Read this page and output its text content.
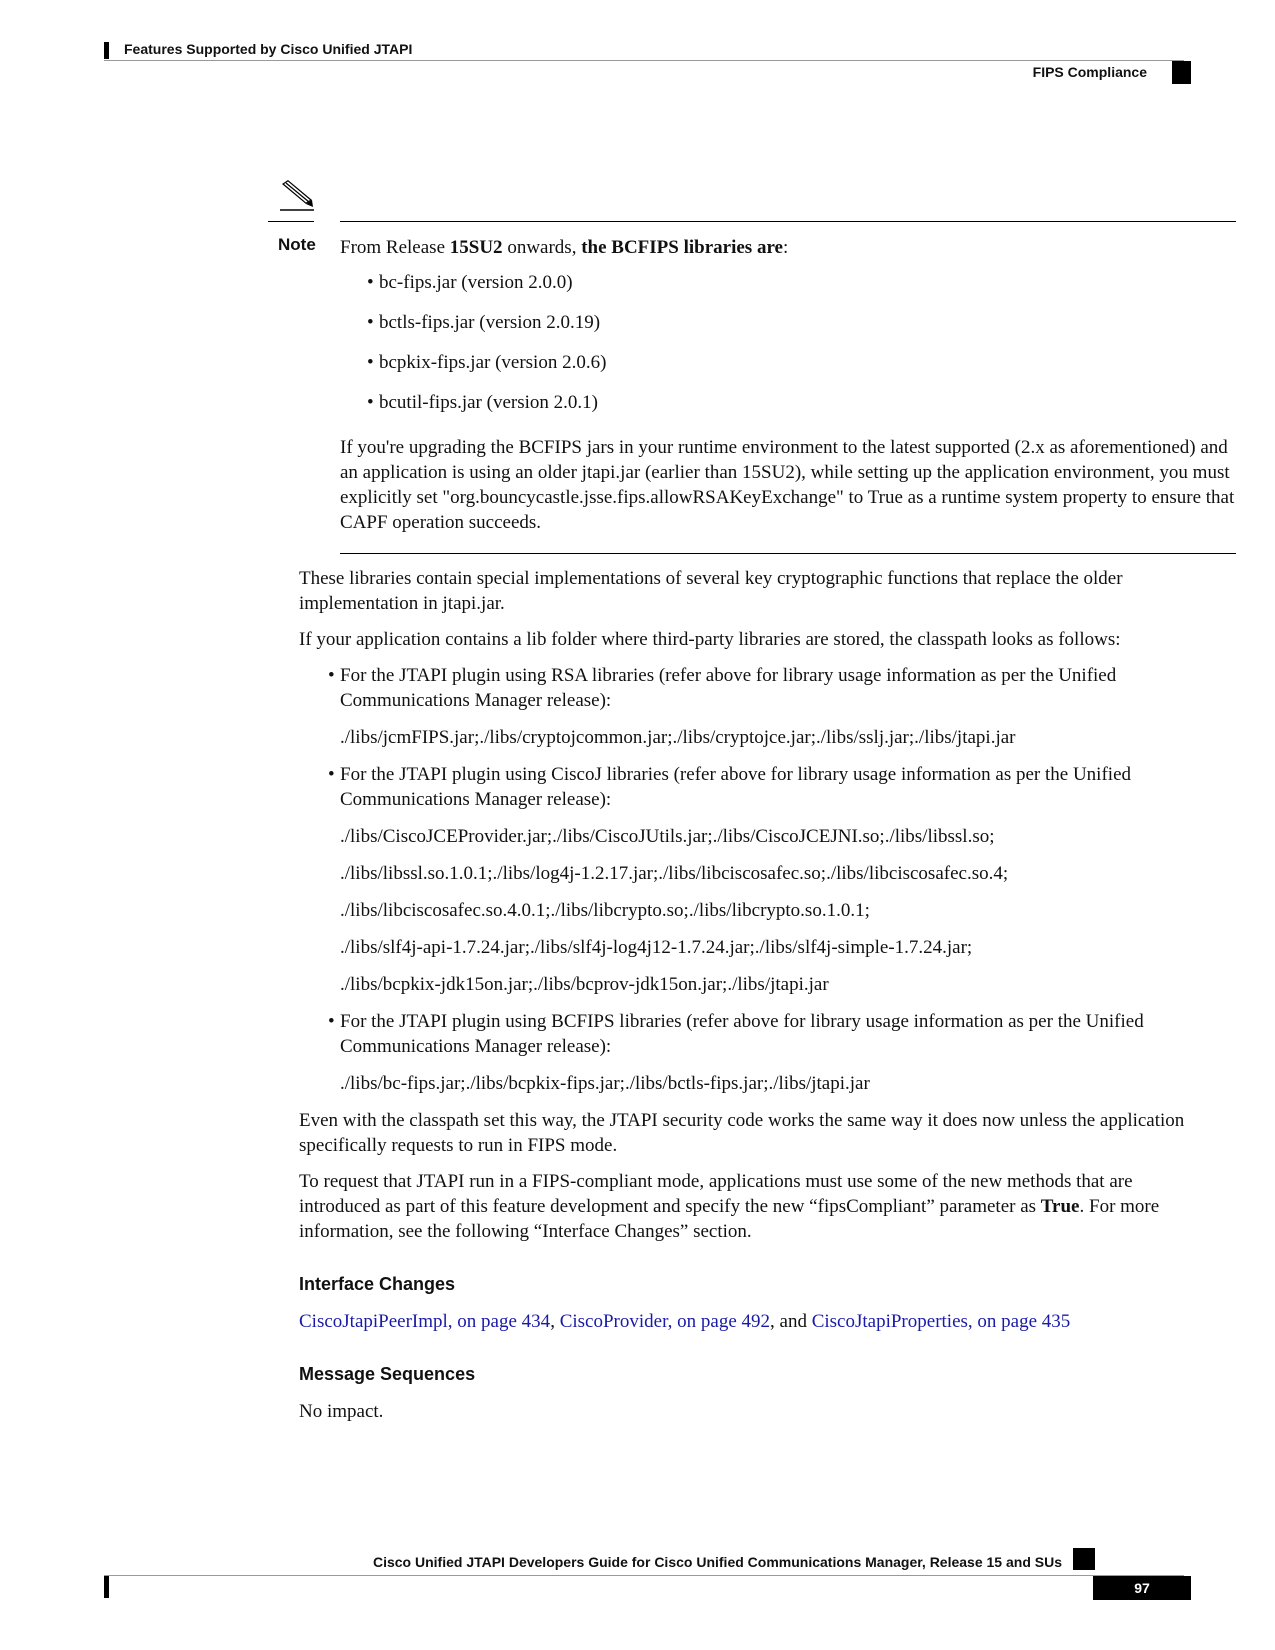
Features Supported by Cisco Unified JTAPI
FIPS Compliance
Note From Release 15SU2 onwards, the BCFIPS libraries are:

• bc-fips.jar (version 2.0.0)
• bctls-fips.jar (version 2.0.19)
• bcpkix-fips.jar (version 2.0.6)
• bcutil-fips.jar (version 2.0.1)

If you're upgrading the BCFIPS jars in your runtime environment to the latest supported (2.x as aforementioned) and an application is using an older jtapi.jar (earlier than 15SU2), while setting up the application environment, you must explicitly set "org.bouncycastle.jsse.fips.allowRSAKeyExchange" to True as a runtime system property to ensure that CAPF operation succeeds.

These libraries contain special implementations of several key cryptographic functions that replace the older implementation in jtapi.jar.

If your application contains a lib folder where third-party libraries are stored, the classpath looks as follows:

• For the JTAPI plugin using RSA libraries (refer above for library usage information as per the Unified Communications Manager release):
./libs/jcmFIPS.jar;./libs/cryptojcommon.jar;./libs/cryptojce.jar;./libs/sslj.jar;./libs/jtapi.jar
• For the JTAPI plugin using CiscoJ libraries (refer above for library usage information as per the Unified Communications Manager release):
./libs/CiscoJCEProvider.jar;./libs/CiscoJUtils.jar;./libs/CiscoJCEJNI.so;./libs/libssl.so;
./libs/libssl.so.1.0.1;./libs/log4j-1.2.17.jar;./libs/libciscosafec.so;./libs/libciscosafec.so.4;
./libs/libciscosafec.so.4.0.1;./libs/libcrypto.so;./libs/libcrypto.so.1.0.1;
./libs/slf4j-api-1.7.24.jar;./libs/slf4j-log4j12-1.7.24.jar;./libs/slf4j-simple-1.7.24.jar;
./libs/bcpkix-jdk15on.jar;./libs/bcprov-jdk15on.jar;./libs/jtapi.jar
• For the JTAPI plugin using BCFIPS libraries (refer above for library usage information as per the Unified Communications Manager release):
./libs/bc-fips.jar;./libs/bcpkix-fips.jar;./libs/bctls-fips.jar;./libs/jtapi.jar

Even with the classpath set this way, the JTAPI security code works the same way it does now unless the application specifically requests to run in FIPS mode.

To request that JTAPI run in a FIPS-compliant mode, applications must use some of the new methods that are introduced as part of this feature development and specify the new “fipsCompliant” parameter as True. For more information, see the following “Interface Changes” section.

Interface Changes

CiscoJtapiPeerImpl, on page 434, CiscoProvider, on page 492, and CiscoJtapiProperties, on page 435

Message Sequences

No impact.

Cisco Unified JTAPI Developers Guide for Cisco Unified Communications Manager, Release 15 and SUs
97
